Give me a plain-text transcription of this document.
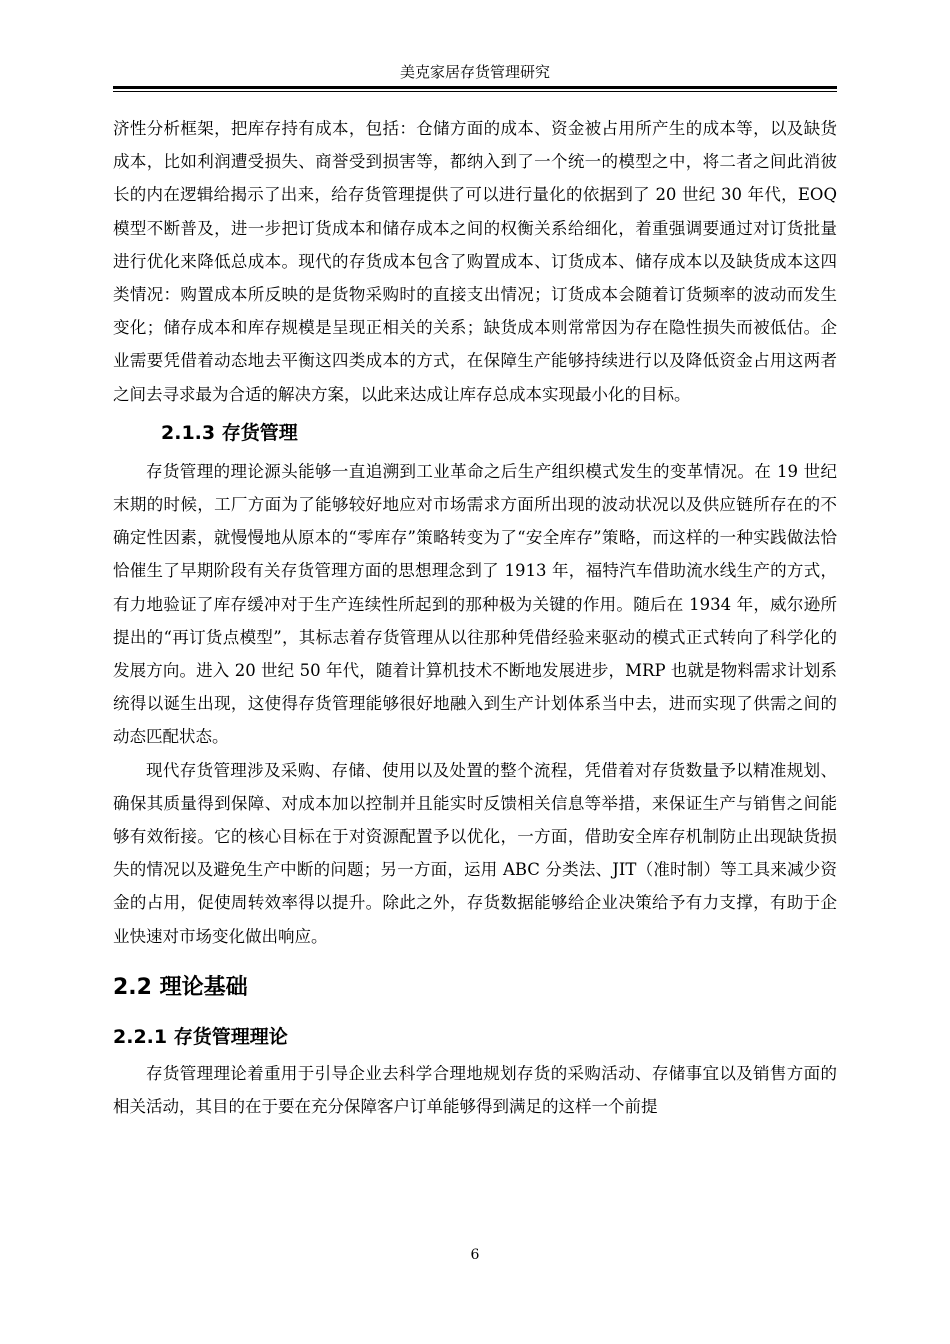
美克家居存货管理研究

济性分析框架，把库存持有成本，包括：仓储方面的成本、资金被占用所产生的成本等，以及缺货成本，比如利润遭受损失、商誉受到损害等，都纳入到了一个统一的模型之中，将二者之间此消彼长的内在逻辑给揭示了出来，给存货管理提供了可以进行量化的依据到了 20 世纪 30 年代，EOQ 模型不断普及，进一步把订货成本和储存成本之间的权衡关系给细化，着重强调要通过对订货批量进行优化来降低总成本。现代的存货成本包含了购置成本、订货成本、储存成本以及缺货成本这四类情况：购置成本所反映的是货物采购时的直接支出情况；订货成本会随着订货频率的波动而发生变化；储存成本和库存规模是呈现正相关的关系；缺货成本则常常因为存在隐性损失而被低估。企业需要凭借着动态地去平衡这四类成本的方式，在保障生产能够持续进行以及降低资金占用这两者之间去寻求最为合适的解决方案，以此来达成让库存总成本实现最小化的目标。

2.1.3 存货管理

存货管理的理论源头能够一直追溯到工业革命之后生产组织模式发生的变革情况。在 19 世纪末期的时候，工厂方面为了能够较好地应对市场需求方面所出现的波动状况以及供应链所存在的不确定性因素，就慢慢地从原本的“零库存”策略转变为了“安全库存”策略，而这样的一种实践做法恰恰催生了早期阶段有关存货管理方面的思想理念到了 1913 年，福特汽车借助流水线生产的方式，有力地验证了库存缓冲对于生产连续性所起到的那种极为关键的作用。随后在 1934 年，威尔逊所提出的“再订货点模型”，其标志着存货管理从以往那种凭借经验来驱动的模式正式转向了科学化的发展方向。进入 20 世纪 50 年代，随着计算机技术不断地发展进步，MRP 也就是物料需求计划系统得以诞生出现，这使得存货管理能够很好地融入到生产计划体系当中去，进而实现了供需之间的动态匹配状态。

现代存货管理涉及采购、存储、使用以及处置的整个流程，凭借着对存货数量予以精准规划、确保其质量得到保障、对成本加以控制并且能实时反馈相关信息等举措，来保证生产与销售之间能够有效衔接。它的核心目标在于对资源配置予以优化，一方面，借助安全库存机制防止出现缺货损失的情况以及避免生产中断的问题；另一方面，运用 ABC 分类法、JIT（准时制）等工具来减少资金的占用，促使周转效率得以提升。除此之外，存货数据能够给企业决策给予有力支撑，有助于企业快速对市场变化做出响应。

2.2 理论基础
2.2.1 存货管理理论

存货管理理论着重用于引导企业去科学合理地规划存货的采购活动、存储事宜以及销售方面的相关活动，其目的在于要在充分保障客户订单能够得到满足的这样一个前提

6
